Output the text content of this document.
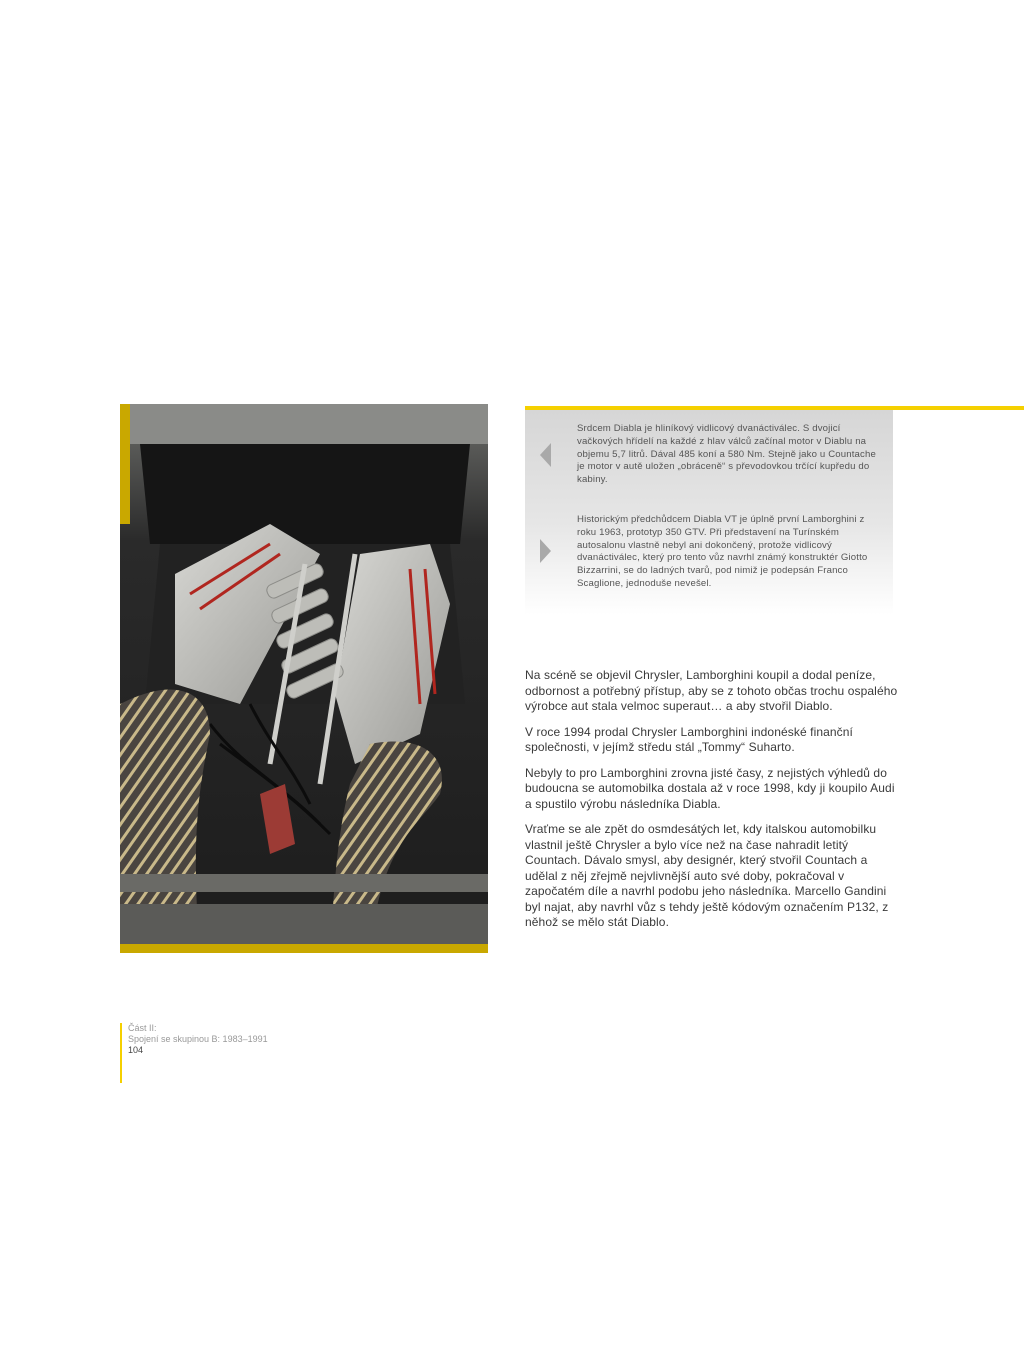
Srdcem Diabla je hliníkový vidlicový dvanáctiválec. S dvojicí vačkových hřídelí na každé z hlav válců začínal motor v Diablu na objemu 5,7 litrů. Dával 485 koní a 580 Nm. Stejně jako u Countache je motor v autě uložen „obráceně“ s převodovkou trčící kupředu do kabiny.
Historickým předchůdcem Diabla VT je úplně první Lamborghini z roku 1963, prototyp 350 GTV. Při představení na Turínském autosalonu vlastně nebyl ani dokončený, protože vidlicový dvanáctiválec, který pro tento vůz navrhl známý konstruktér Giotto Bizzarrini, se do ladných tvarů, pod nimiž je podepsán Franco Scaglione, jednoduše nevešel.

Na scéně se objevil Chrysler, Lamborghini koupil a dodal peníze, odbornost a potřebný přístup, aby se z tohoto občas trochu ospalého výrobce aut stala velmoc superaut… a aby stvořil Diablo.

V roce 1994 prodal Chrysler Lamborghini indonéské finanční společnosti, v jejímž středu stál „Tommy“ Suharto.

Nebyly to pro Lamborghini zrovna jisté časy, z nejistých výhledů do budoucna se automobilka dostala až v roce 1998, kdy ji koupilo Audi a spustilo výrobu následníka Diabla.

Vraťme se ale zpět do osmdesátých let, kdy italskou automobilku vlastnil ještě Chrysler a bylo více než na čase nahradit letitý Countach. Dávalo smysl, aby designér, který stvořil Countach a udělal z něj zřejmě nejvlivnější auto své doby, pokračoval v započatém díle a navrhl podobu jeho následníka. Marcello Gandini byl najat, aby navrhl vůz s tehdy ještě kódovým označením P132, z něhož se mělo stát Diablo.

Část II:
Spojení se skupinou B: 1983–1991
104
